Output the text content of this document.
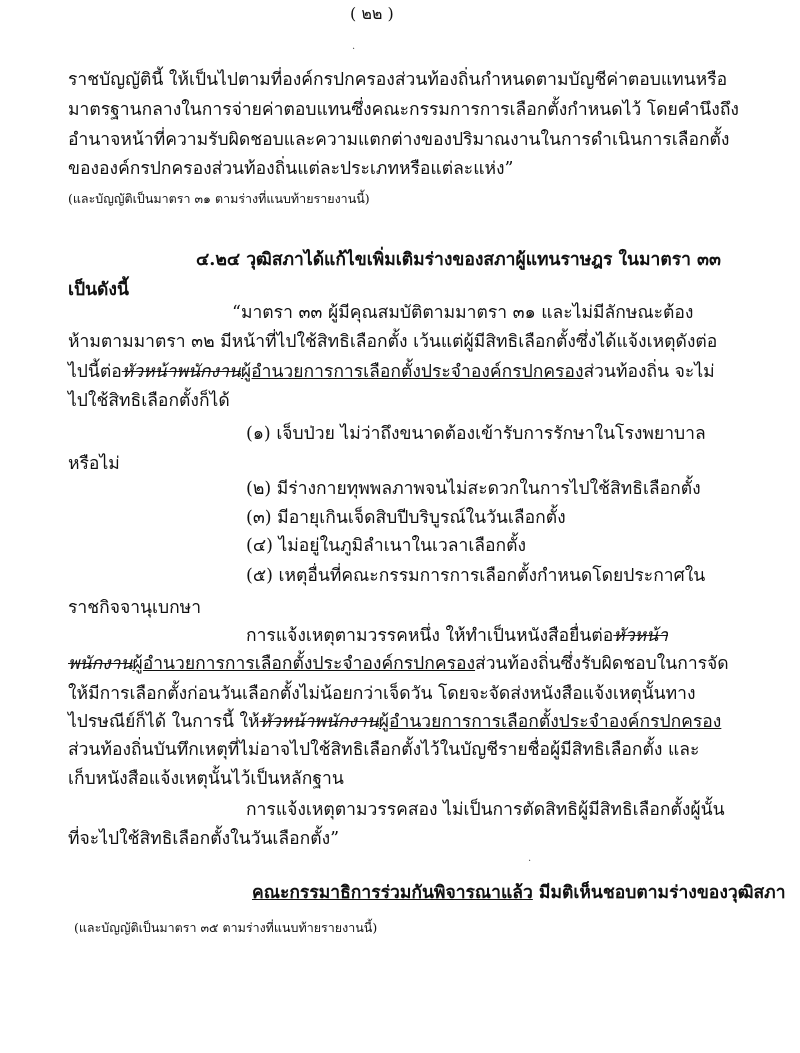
( ๒๒ )
·
ราชบัญญัตินี้ ให้เป็นไปตามที่องค์กรปกครองส่วนท้องถิ่นกำหนดตามบัญชีค่าตอบแทนหรือ
มาตรฐานกลางในการจ่ายค่าตอบแทนซึ่งคณะกรรมการการเลือกตั้งกำหนดไว้ โดยคำนึงถึง
อำนาจหน้าที่ความรับผิดชอบและความแตกต่างของปริมาณงานในการดำเนินการเลือกตั้ง
ขององค์กรปกครองส่วนท้องถิ่นแต่ละประเภทหรือแต่ละแห่ง”
(และบัญญัติเป็นมาตรา ๓๑ ตามร่างที่แนบท้ายรายงานนี้)
๔.๒๔ วุฒิสภาได้แก้ไขเพิ่มเติมร่างของสภาผู้แทนราษฎร ในมาตรา ๓๓
เป็นดังนี้
“มาตรา ๓๓ ผู้มีคุณสมบัติตามมาตรา ๓๑ และไม่มีลักษณะต้อง
ห้ามตามมาตรา ๓๒ มีหน้าที่ไปใช้สิทธิเลือกตั้ง เว้นแต่ผู้มีสิทธิเลือกตั้งซึ่งได้แจ้งเหตุดังต่อ
ไปนี้ต่อหัวหน้าพนักงานผู้อำนวยการการเลือกตั้งประจำองค์กรปกครองส่วนท้องถิ่น จะไม่
ไปใช้สิทธิเลือกตั้งก็ได้
(๑) เจ็บป่วย ไม่ว่าถึงขนาดต้องเข้ารับการรักษาในโรงพยาบาล
หรือไม่
(๒) มีร่างกายทุพพลภาพจนไม่สะดวกในการไปใช้สิทธิเลือกตั้ง
(๓) มีอายุเกินเจ็ดสิบปีบริบูรณ์ในวันเลือกตั้ง
(๔) ไม่อยู่ในภูมิลำเนาในเวลาเลือกตั้ง
(๕) เหตุอื่นที่คณะกรรมการการเลือกตั้งกำหนดโดยประกาศใน
ราชกิจจานุเบกษา
การแจ้งเหตุตามวรรคหนึ่ง ให้ทำเป็นหนังสือยื่นต่อหัวหน้า
พนักงานผู้อำนวยการการเลือกตั้งประจำองค์กรปกครองส่วนท้องถิ่นซึ่งรับผิดชอบในการจัด
ให้มีการเลือกตั้งก่อนวันเลือกตั้งไม่น้อยกว่าเจ็ดวัน โดยจะจัดส่งหนังสือแจ้งเหตุนั้นทาง
ไปรษณีย์ก็ได้ ในการนี้ ให้หัวหน้าพนักงานผู้อำนวยการการเลือกตั้งประจำองค์กรปกครอง
ส่วนท้องถิ่นบันทึกเหตุที่ไม่อาจไปใช้สิทธิเลือกตั้งไว้ในบัญชีรายชื่อผู้มีสิทธิเลือกตั้ง และ
เก็บหนังสือแจ้งเหตุนั้นไว้เป็นหลักฐาน
การแจ้งเหตุตามวรรคสอง ไม่เป็นการตัดสิทธิผู้มีสิทธิเลือกตั้งผู้นั้น
ที่จะไปใช้สิทธิเลือกตั้งในวันเลือกตั้ง”
·
คณะกรรมาธิการร่วมกันพิจารณาแล้ว มีมติเห็นชอบตามร่างของวุฒิสภา
(และบัญญัติเป็นมาตรา ๓๕ ตามร่างที่แนบท้ายรายงานนี้)
